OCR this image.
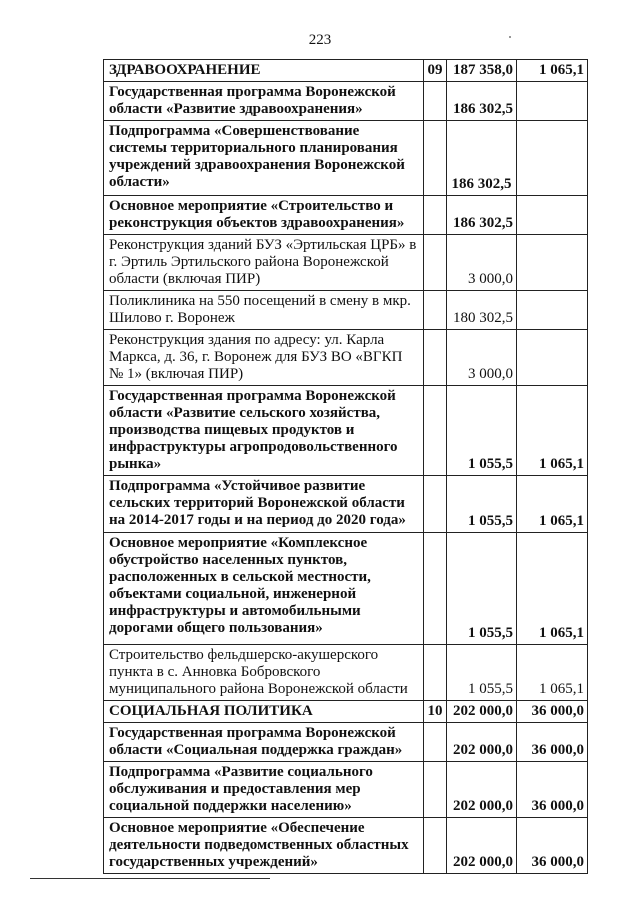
223
ЗДРАВООХРАНЕНИЕ	09	187 358,0	1 065,1
Государственная программа Воронежской области «Развитие здравоохранения»		186 302,5	
Подпрограмма «Совершенствование системы территориального планирования учреждений здравоохранения Воронежской области»		186 302,5	
Основное мероприятие «Строительство и реконструкция объектов здравоохранения»		186 302,5	
Реконструкция зданий БУЗ «Эртильская ЦРБ» в г. Эртиль Эртильского района Воронежской области (включая ПИР)		3 000,0	
Поликлиника на 550 посещений в смену в мкр. Шилово г. Воронеж		180 302,5	
Реконструкция здания по адресу: ул. Карла Маркса, д. 36, г. Воронеж для БУЗ ВО «ВГКП № 1» (включая ПИР)		3 000,0	
Государственная программа Воронежской области «Развитие сельского хозяйства, производства пищевых продуктов и инфраструктуры агропродовольственного рынка»		1 055,5	1 065,1
Подпрограмма «Устойчивое развитие сельских территорий Воронежской области на 2014-2017 годы и на период до 2020 года»		1 055,5	1 065,1
Основное мероприятие «Комплексное обустройство населенных пунктов, расположенных в сельской местности, объектами социальной, инженерной инфраструктуры и автомобильными дорогами общего пользования»		1 055,5	1 065,1
Строительство фельдшерско-акушерского пункта в с. Анновка Бобровского муниципального района Воронежской области		1 055,5	1 065,1
СОЦИАЛЬНАЯ ПОЛИТИКА	10	202 000,0	36 000,0
Государственная программа Воронежской области «Социальная поддержка граждан»		202 000,0	36 000,0
Подпрограмма «Развитие социального обслуживания и предоставления мер социальной поддержки населению»		202 000,0	36 000,0
Основное мероприятие «Обеспечение деятельности подведомственных областных государственных учреждений»		202 000,0	36 000,0
